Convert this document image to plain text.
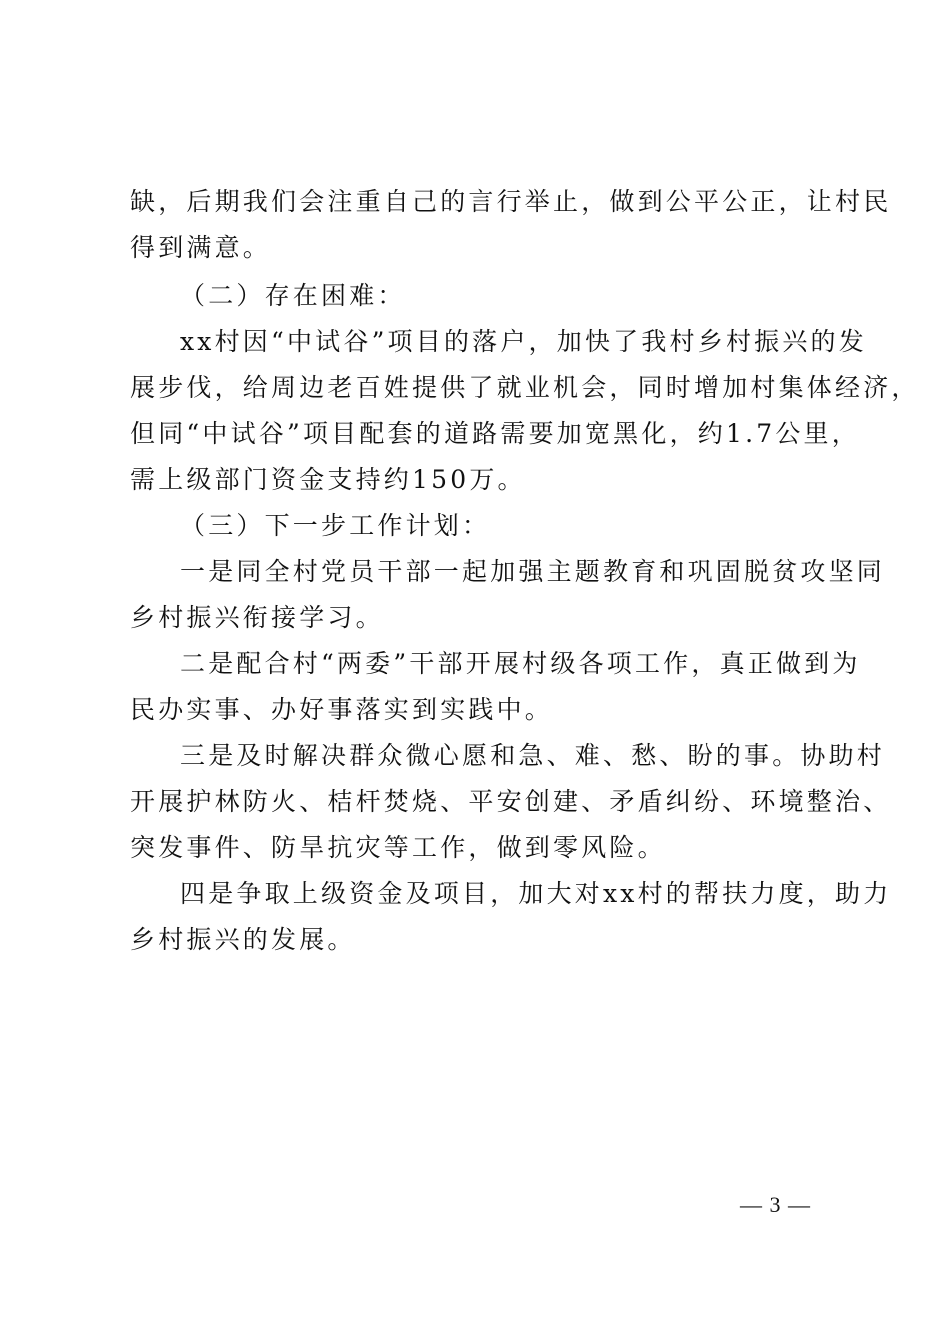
缺，后期我们会注重自己的言行举止，做到公平公正，让村民
得到满意。
（二）存在困难：
xx村因“中试谷”项目的落户，加快了我村乡村振兴的发
展步伐，给周边老百姓提供了就业机会，同时增加村集体经济，
但同“中试谷”项目配套的道路需要加宽黑化，约1.7公里，
需上级部门资金支持约150万。
（三）下一步工作计划：
一是同全村党员干部一起加强主题教育和巩固脱贫攻坚同
乡村振兴衔接学习。
二是配合村“两委”干部开展村级各项工作，真正做到为
民办实事、办好事落实到实践中。
三是及时解决群众微心愿和急、难、愁、盼的事。协助村
开展护林防火、桔杆焚烧、平安创建、矛盾纠纷、环境整治、
突发事件、防旱抗灾等工作，做到零风险。
四是争取上级资金及项目，加大对xx村的帮扶力度，助力
乡村振兴的发展。
— 3 —
